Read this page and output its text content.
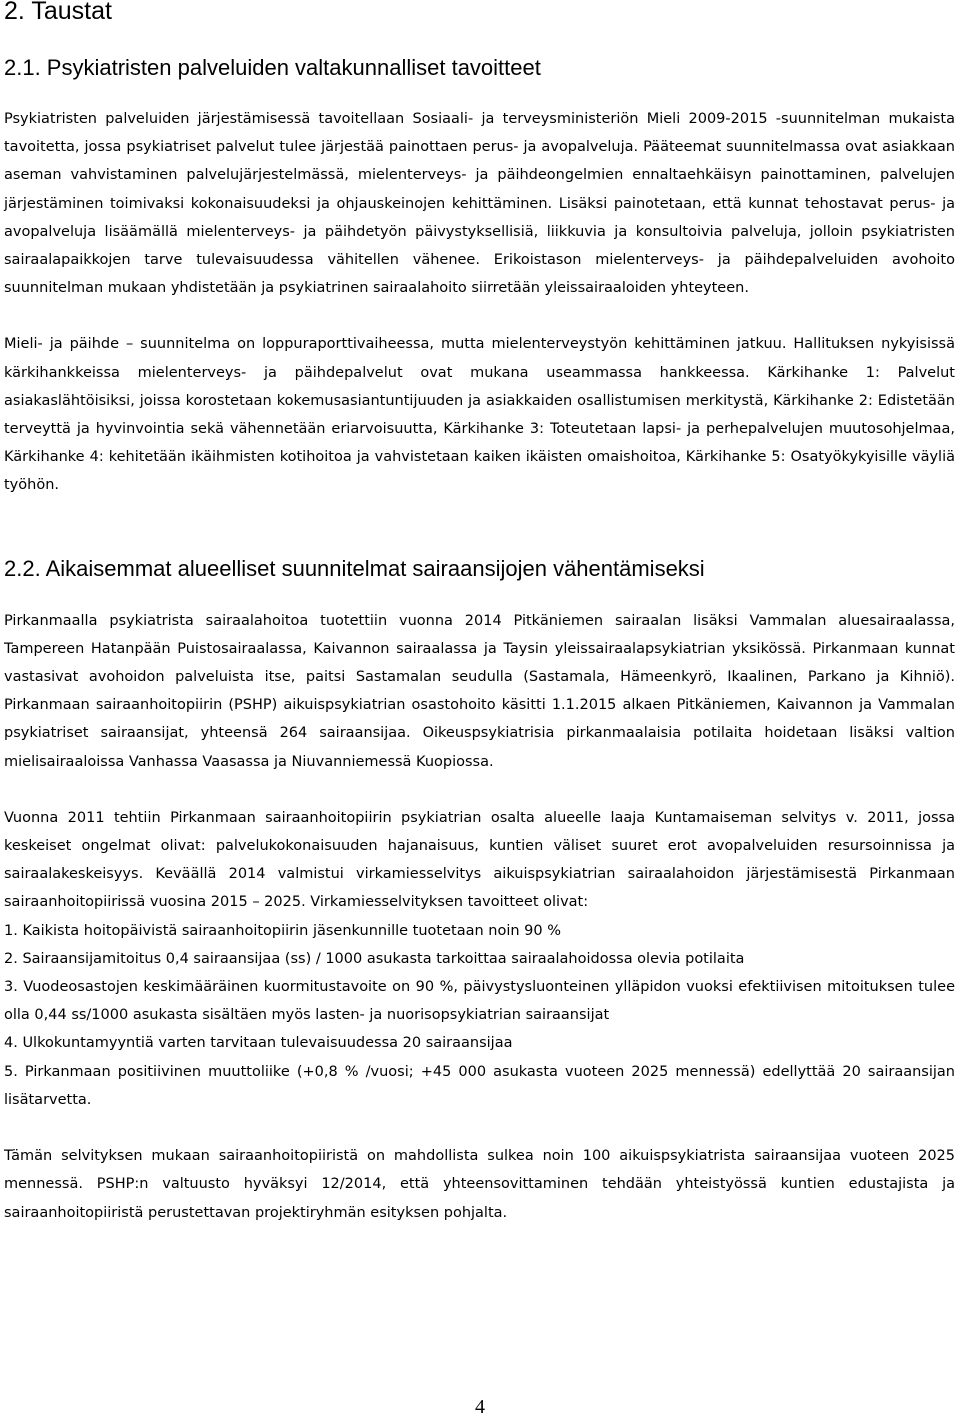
2. Taustat
2.1. Psykiatristen palveluiden valtakunnalliset tavoitteet

Psykiatristen palveluiden järjestämisessä tavoitellaan Sosiaali- ja terveysministeriön Mieli 2009-2015 -suunnitelman mukaista tavoitetta, jossa psykiatriset palvelut tulee järjestää painottaen perus- ja avopalveluja. Pääteemat suunnitelmassa ovat asiakkaan aseman vahvistaminen palvelujärjestelmässä, mielenterveys- ja päihdeongelmien ennaltaehkäisyn painottaminen, palvelujen järjestäminen toimivaksi kokonaisuudeksi ja ohjauskeinojen kehittäminen. Lisäksi painotetaan, että kunnat tehostavat perus- ja avopalveluja lisäämällä mielenterveys- ja päihdetyön päivystyksellisiä, liikkuvia ja konsultoivia palveluja, jolloin psykiatristen sairaalapaikkojen tarve tulevaisuudessa vähitellen vähenee. Erikoistason mielenterveys- ja päihdepalveluiden avohoito suunnitelman mukaan yhdistetään ja psykiatrinen sairaalahoito siirretään yleissairaaloiden yhteyteen.

Mieli- ja päihde – suunnitelma on loppuraporttivaiheessa, mutta mielenterveystyön kehittäminen jatkuu. Hallituksen nykyisissä kärkihankkeissa mielenterveys- ja päihdepalvelut ovat mukana useammassa hankkeessa. Kärkihanke 1: Palvelut asiakaslähtöisiksi, joissa korostetaan kokemusasiantuntijuuden ja asiakkaiden osallistumisen merkitystä, Kärkihanke 2: Edistetään terveyttä ja hyvinvointia sekä vähennetään eriarvoisuutta, Kärkihanke 3: Toteutetaan lapsi- ja perhepalvelujen muutosohjelmaa, Kärkihanke 4: kehitetään ikäihmisten kotihoitoa ja vahvistetaan kaiken ikäisten omaishoitoa, Kärkihanke 5: Osatyökykyisille väyliä työhön.

2.2. Aikaisemmat alueelliset suunnitelmat sairaansijojen vähentämiseksi

Pirkanmaalla psykiatrista sairaalahoitoa tuotettiin vuonna 2014 Pitkäniemen sairaalan lisäksi Vammalan aluesairaalassa, Tampereen Hatanpään Puistosairaalassa, Kaivannon sairaalassa ja Taysin yleissairaalapsykiatrian yksikössä. Pirkanmaan kunnat vastasivat avohoidon palveluista itse, paitsi Sastamalan seudulla (Sastamala, Hämeenkyrö, Ikaalinen, Parkano ja Kihniö). Pirkanmaan sairaanhoitopiirin (PSHP) aikuispsykiatrian osastohoito käsitti 1.1.2015 alkaen Pitkäniemen, Kaivannon ja Vammalan psykiatriset sairaansijat, yhteensä 264 sairaansijaa. Oikeuspsykiatrisia pirkanmaalaisia potilaita hoidetaan lisäksi valtion mielisairaaloissa Vanhassa Vaasassa ja Niuvanniemessä Kuopiossa.

Vuonna 2011 tehtiin Pirkanmaan sairaanhoitopiirin psykiatrian osalta alueelle laaja Kuntamaiseman selvitys v. 2011, jossa keskeiset ongelmat olivat: palvelukokonaisuuden hajanaisuus, kuntien väliset suuret erot avopalveluiden resursoinnissa ja sairaalakeskeisyys. Keväällä 2014 valmistui virkamiesselvitys aikuispsykiatrian sairaalahoidon järjestämisestä Pirkanmaan sairaanhoitopiirissä vuosina 2015 – 2025. Virkamiesselvityksen tavoitteet olivat:

1. Kaikista hoitopäivistä sairaanhoitopiirin jäsenkunnille tuotetaan noin 90 %
2. Sairaansijamitoitus 0,4 sairaansijaa (ss) / 1000 asukasta tarkoittaa sairaalahoidossa olevia potilaita
3. Vuodeosastojen keskimääräinen kuormitustavoite on 90 %, päivystysluonteinen ylläpidon vuoksi efektiivisen mitoituksen tulee olla 0,44 ss/1000 asukasta sisältäen myös lasten- ja nuorisopsykiatrian sairaansijat
4. Ulkokuntamyyntiä varten tarvitaan tulevaisuudessa 20 sairaansijaa
5. Pirkanmaan positiivinen muuttoliike (+0,8 % /vuosi; +45 000 asukasta vuoteen 2025 mennessä) edellyttää 20 sairaansijan lisätarvetta.

Tämän selvityksen mukaan sairaanhoitopiiristä on mahdollista sulkea noin 100 aikuispsykiatrista sairaansijaa vuoteen 2025 mennessä. PSHP:n valtuusto hyväksyi 12/2014, että yhteensovittaminen tehdään yhteistyössä kuntien edustajista ja sairaanhoitopiiristä perustettavan projektiryhmän esityksen pohjalta.

4
